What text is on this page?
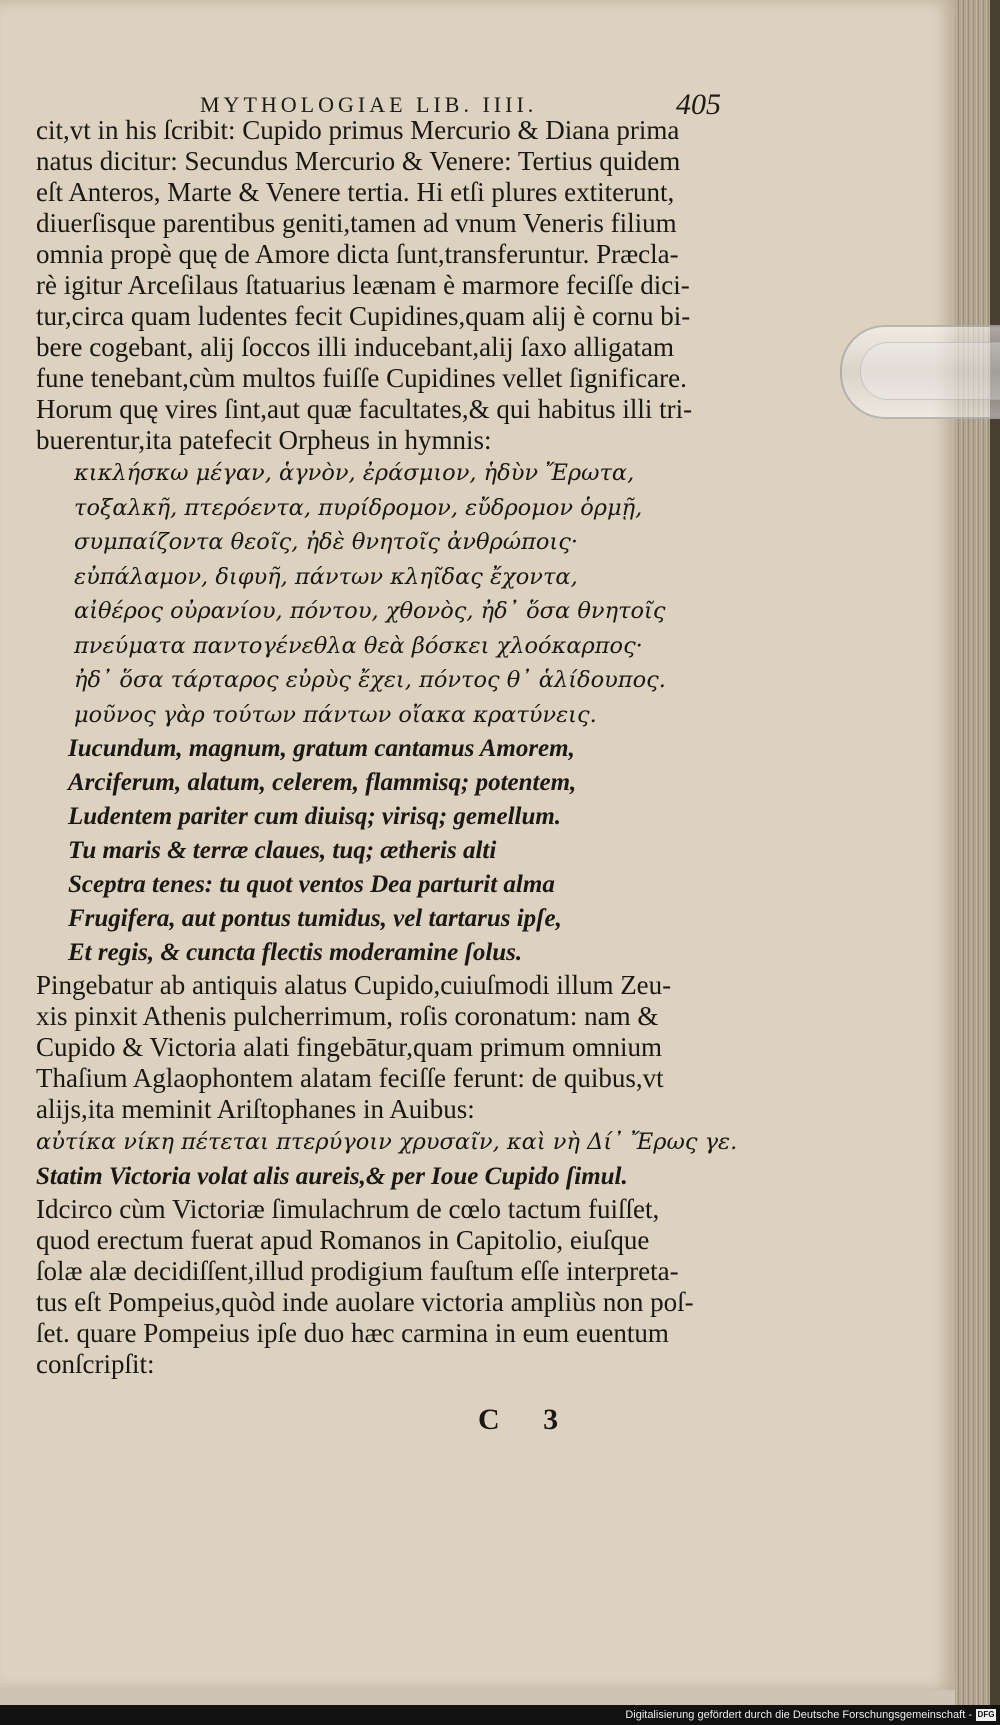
MYTHOLOGIAE LIB. IIII.	405
cit,vt in his ſcribit: Cupido primus Mercurio & Diana prima
natus dicitur: Secundus Mercurio & Venere: Tertius quidem
eſt Anteros, Marte & Venere tertia. Hi etſi plures extiterunt,
diuerſisque parentibus geniti,tamen ad vnum Veneris filium
omnia propè quę de Amore dicta ſunt,transferuntur. Præcla-
rè igitur Arceſilaus ſtatuarius leænam è marmore feciſſe dici-
tur,circa quam ludentes fecit Cupidines,quam alij è cornu bi-
bere cogebant, alij ſoccos illi inducebant,alij ſaxo alligatam
fune tenebant,cùm multos fuiſſe Cupidines vellet ſignificare.
Horum quę vires ſint,aut quæ facultates,& qui habitus illi tri-
buerentur,ita patefecit Orpheus in hymnis:
κικλήσκω μέγαν, ἁγνὸν, ἐράσμιον, ἡδὺν Ἔρωτα,
τοξαλκῆ, πτερόεντα, πυρίδρομον, εὔδρομον ὁρμῇ,
συμπαίζοντα θεοῖς, ἠδὲ θνητοῖς ἀνθρώποις·
εὐπάλαμον, διφυῆ, πάντων κληῖδας ἔχοντα,
αἰθέρος οὐρανίου, πόντου, χθονὸς, ἠδ᾽ ὅσα θνητοῖς
πνεύματα παντογένεθλα θεὰ βόσκει χλοόκαρπος·
ἠδ᾽ ὅσα τάρταρος εὐρὺς ἔχει, πόντος θ᾽ ἁλίδουπος.
μοῦνος γὰρ τούτων πάντων οἴακα κρατύνεις.
Iucundum, magnum, gratum cantamus Amorem,
Arciferum, alatum, celerem, flammisq; potentem,
Ludentem pariter cum diuisq; virisq; gemellum.
Tu maris & terræ claues, tuq; ætheris alti
Sceptra tenes: tu quot ventos Dea parturit alma
Frugifera, aut pontus tumidus, vel tartarus ipſe,
Et regis, & cuncta flectis moderamine ſolus.
Pingebatur ab antiquis alatus Cupido,cuiuſmodi illum Zeu-
xis pinxit Athenis pulcherrimum, roſis coronatum: nam &
Cupido & Victoria alati fingebātur,quam primum omnium
Thaſium Aglaophontem alatam feciſſe ferunt: de quibus,vt
alijs,ita meminit Ariſtophanes in Auibus:
αὐτίκα νίκη πέτεται πτερύγοιν χρυσαῖν, καὶ νὴ Δί᾽ Ἔρως γε.
Statim Victoria volat alis aureis,& per Ioue Cupido ſimul.
Idcirco cùm Victoriæ ſimulachrum de cœlo tactum fuiſſet,
quod erectum fuerat apud Romanos in Capitolio, eiuſque
ſolæ alæ decidiſſent,illud prodigium fauſtum eſſe interpreta-
tus eſt Pompeius,quòd inde auolare victoria ampliùs non poſ-
ſet. quare Pompeius ipſe duo hæc carmina in eum euentum
conſcripſit:
C 3
Digitalisierung gefördert durch die Deutsche Forschungsgemeinschaft - DFG
